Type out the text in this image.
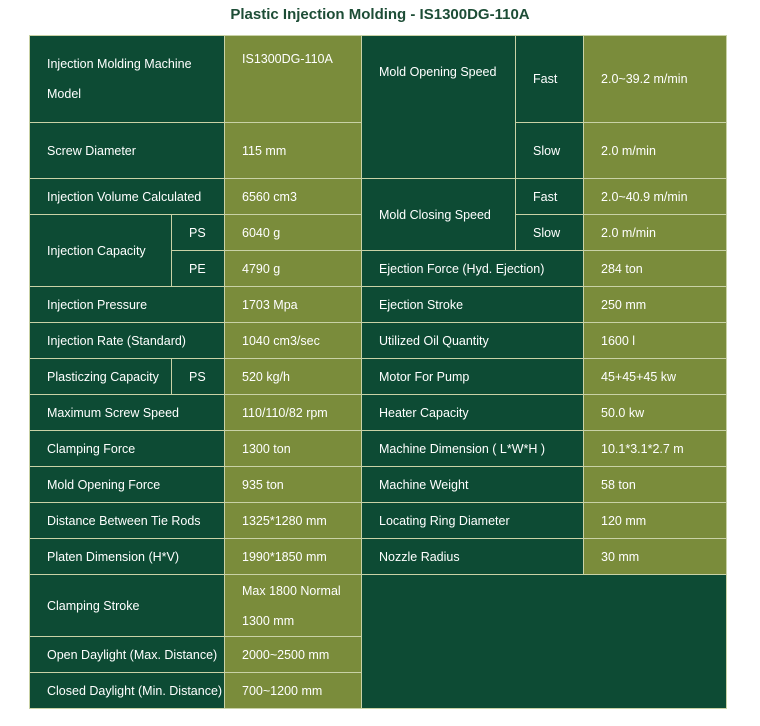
Plastic Injection Molding - IS1300DG-110A
Injection Molding Machine Model		IS1300DG-110A	Mold Opening Speed	Fast	2.0~39.2 m/min
Screw Diameter		115 mm		Slow	2.0 m/min
Injection Volume Calculated		6560 cm3	Mold Closing Speed	Fast	2.0~40.9 m/min
Injection Capacity	PS	6040 g		Slow	2.0 m/min
	PE	4790 g	Ejection Force (Hyd. Ejection)		284 ton
Injection Pressure		1703 Mpa	Ejection Stroke		250 mm
Injection Rate (Standard)		1040 cm3/sec	Utilized Oil Quantity		1600 l
Plasticzing Capacity	PS	520 kg/h	Motor For Pump		45+45+45 kw
Maximum Screw Speed		110/110/82 rpm	Heater Capacity		50.0 kw
Clamping Force		1300 ton	Machine Dimension ( L*W*H )		10.1*3.1*2.7 m
Mold Opening Force		935 ton	Machine Weight		58 ton
Distance Between Tie Rods		1325*1280 mm	Locating Ring Diameter		120 mm
Platen Dimension (H*V)		1990*1850 mm	Nozzle Radius		30 mm
Clamping Stroke		Max 1800 Normal 1300 mm			
Open Daylight (Max. Distance)		2000~2500 mm			
Closed Daylight (Min. Distance)		700~1200 mm			
